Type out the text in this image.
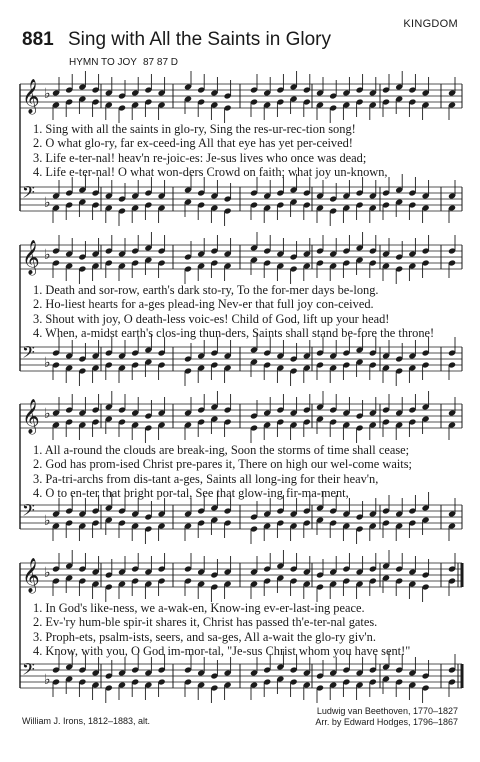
KINGDOM
881 Sing with All the Saints in Glory
HYMN TO JOY 87 87 D
𝄞 ♭
𝄞 ♭
𝄞 ♭
𝄞 ♭
𝄢 ♭
𝄢 ♭
𝄢 ♭
𝄢 ♭
1. Sing with all the saints in glo-ry, Sing the res-ur-rec-tion song!
2. O what glo-ry, far ex-ceed-ing All that eye has yet per-ceived!
3. Life e-ter-nal! heav'n re-joic-es: Je-sus lives who once was dead;
4. Life e-ter-nal! O what won-ders Crowd on faith; what joy un-known,
1. Death and sor-row, earth's dark sto-ry, To the for-mer days be-long.
2. Ho-liest hearts for a-ges plead-ing Nev-er that full joy con-ceived.
3. Shout with joy, O death-less voic-es! Child of God, lift up your head!
4. When, a-midst earth's clos-ing thun-ders, Saints shall stand be-fore the throne!
1. All a-round the clouds are break-ing, Soon the storms of time shall cease;
2. God has prom-ised Christ pre-pares it, There on high our wel-come waits;
3. Pa-tri-archs from dis-tant a-ges, Saints all long-ing for their heav'n,
4. O to en-ter that bright por-tal, See that glow-ing fir-ma-ment,
1. In God's like-ness, we a-wak-en, Know-ing ev-er-last-ing peace.
2. Ev-'ry hum-ble spir-it shares it, Christ has passed th'e-ter-nal gates.
3. Proph-ets, psalm-ists, seers, and sa-ges, All a-wait the glo-ry giv'n.
4. Know, with you, O God im-mor-tal, "Je-sus Christ whom you have sent!"
William J. Irons, 1812–1883, alt.
Ludwig van Beethoven, 1770–1827
Arr. by Edward Hodges, 1796–1867
